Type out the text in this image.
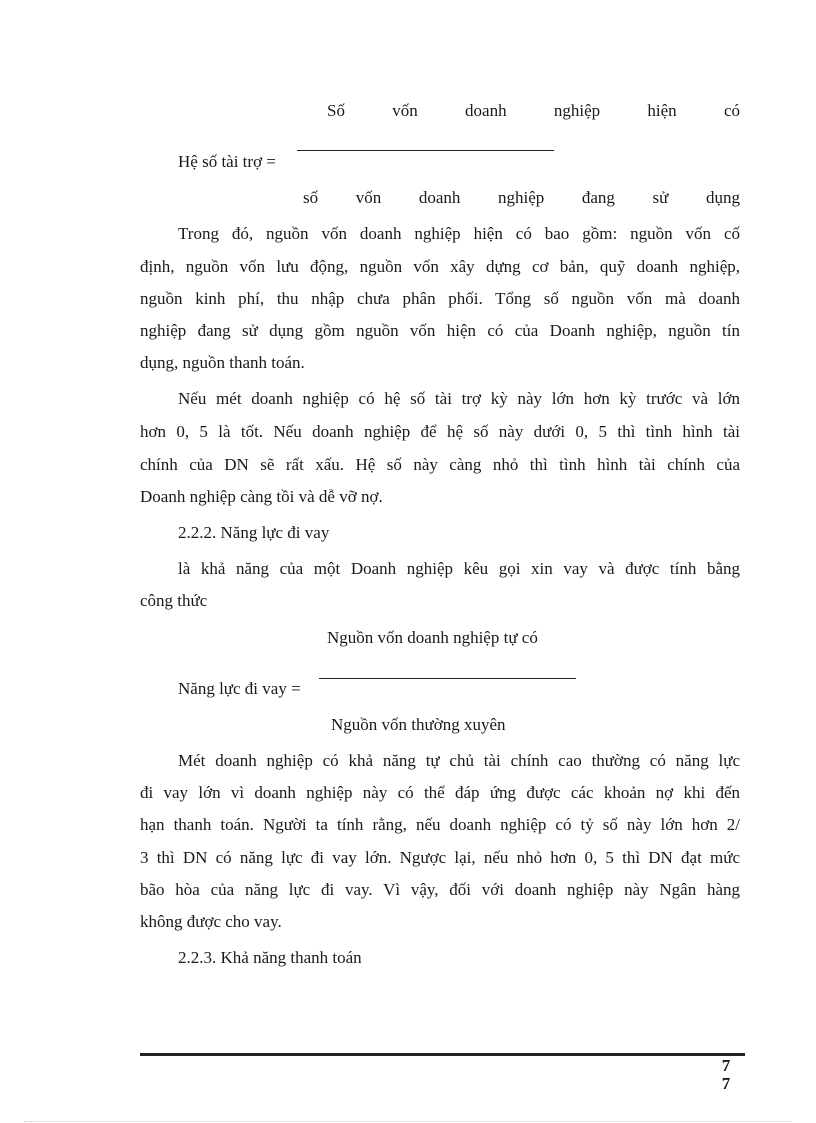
Số vốn doanh nghiệp hiện có
Hệ số tài trợ =
số vốn doanh nghiệp đang sử dụng
Trong đó, nguồn vốn doanh nghiệp hiện có bao gồm: nguồn vốn cố
định, nguồn vốn lưu động, nguồn vốn xây dựng cơ bản, quỹ doanh nghiệp,
nguồn kinh phí, thu nhập chưa phân phối. Tổng số nguồn vốn mà doanh
nghiệp đang sử dụng gồm nguồn vốn hiện có của Doanh nghiệp, nguồn tín
dụng, nguồn thanh toán.
Nếu mét doanh nghiệp có hệ số tài trợ kỳ này lớn hơn kỳ trước và lớn
hơn 0, 5 là tốt. Nếu doanh nghiệp để hệ số này dưới 0, 5 thì tình hình tài
chính của DN sẽ rất xấu. Hệ số này càng nhỏ thì tình hình tài chính của
Doanh nghiệp càng tồi và dễ vỡ nợ.
2.2.2. Năng lực đi vay
là khả năng của một Doanh nghiệp kêu gọi xin vay và được tính bằng
công thức
Nguồn vốn doanh nghiệp tự có
Năng lực đi vay =
Nguồn vốn thường xuyên
Mét doanh nghiệp có khả năng tự chủ tài chính cao thường có năng lực
đi vay lớn vì doanh nghiệp này có thể đáp ứng được các khoản nợ khi đến
hạn thanh toán. Người ta tính rằng, nếu doanh nghiệp có tỷ số này lớn hơn 2/
3 thì DN có năng lực đi vay lớn. Ngược lại, nếu nhỏ hơn 0, 5 thì DN đạt mức
bão hòa của năng lực đi vay. Vì vậy, đối với doanh nghiệp này Ngân hàng
không được cho vay.
2.2.3. Khả năng thanh toán
7
7
